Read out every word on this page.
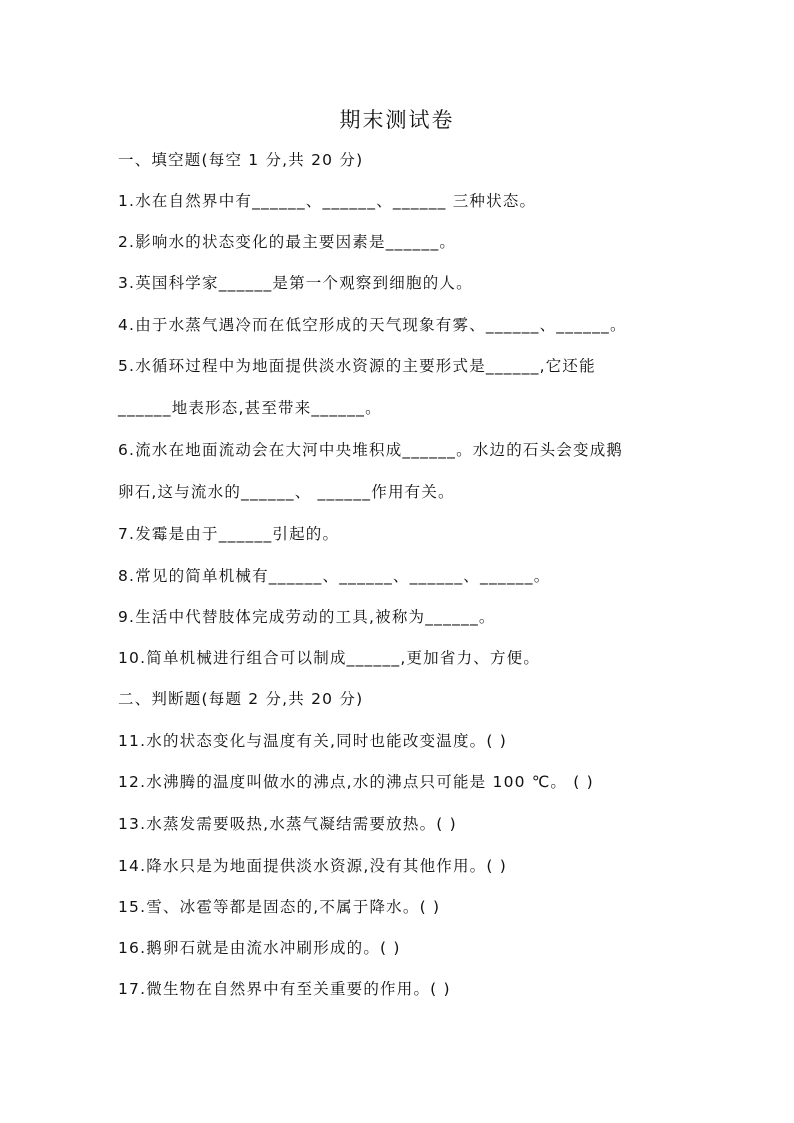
期末测试卷
一、填空题(每空 1 分,共 20 分)
1.水在自然界中有______、______、______ 三种状态。
2.影响水的状态变化的最主要因素是______。
3.英国科学家______是第一个观察到细胞的人。
4.由于水蒸气遇冷而在低空形成的天气现象有雾、______、______。
5.水循环过程中为地面提供淡水资源的主要形式是______,它还能
______地表形态,甚至带来______。
6.流水在地面流动会在大河中央堆积成______。水边的石头会变成鹅
卵石,这与流水的______、 ______作用有关。
7.发霉是由于______引起的。
8.常见的简单机械有______、______、______、______。
9.生活中代替肢体完成劳动的工具,被称为______。
10.简单机械进行组合可以制成______,更加省力、方便。
二、判断题(每题 2 分,共 20 分)
11.水的状态变化与温度有关,同时也能改变温度。( )
12.水沸腾的温度叫做水的沸点,水的沸点只可能是 100 ℃。 ( )
13.水蒸发需要吸热,水蒸气凝结需要放热。( )
14.降水只是为地面提供淡水资源,没有其他作用。( )
15.雪、冰雹等都是固态的,不属于降水。( )
16.鹅卵石就是由流水冲刷形成的。( )
17.微生物在自然界中有至关重要的作用。( )
